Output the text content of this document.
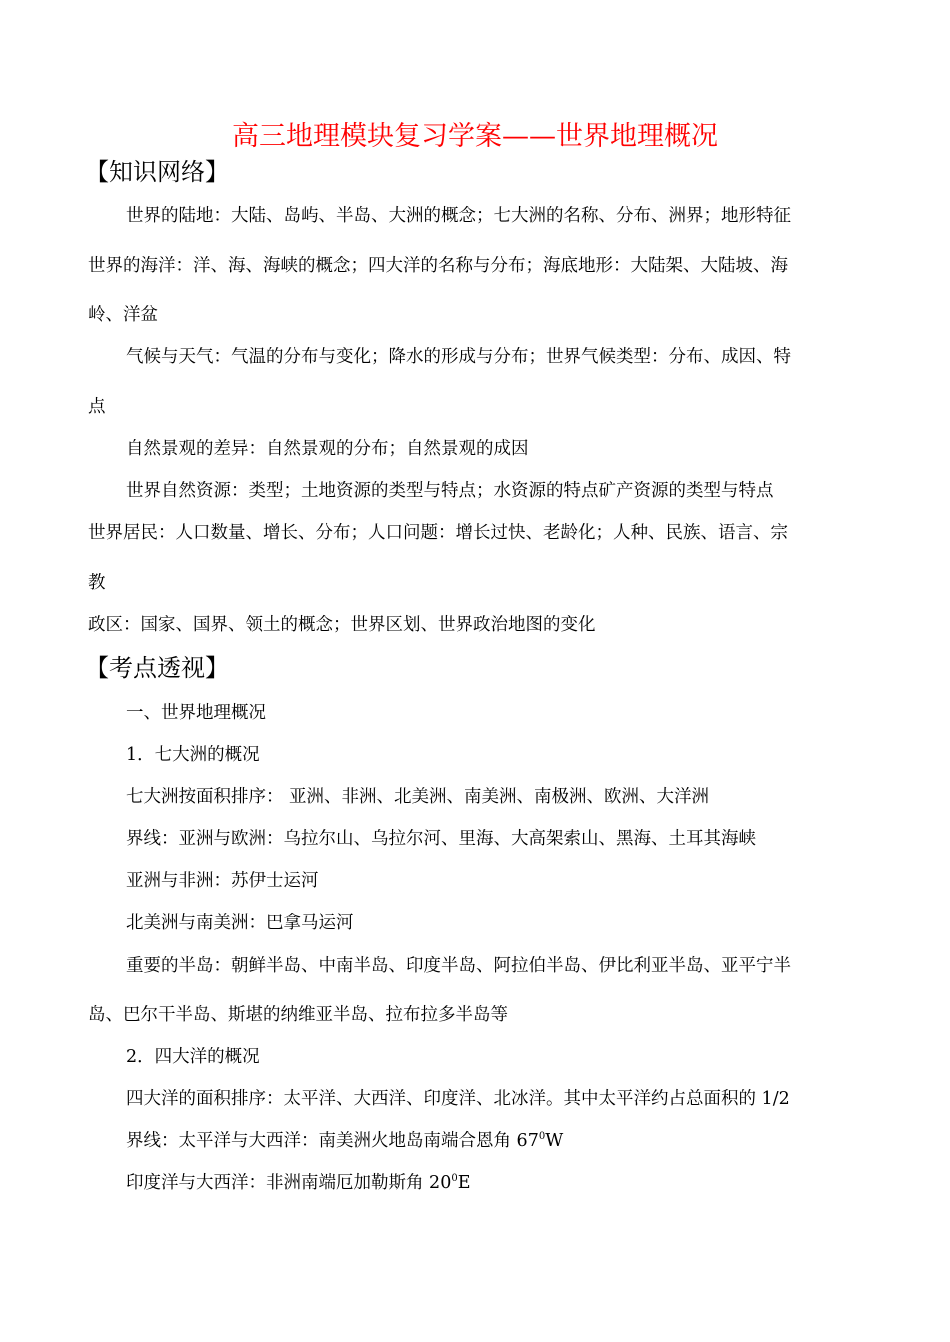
高三地理模块复习学案——世界地理概况
【知识网络】
世界的陆地：大陆、岛屿、半岛、大洲的概念；七大洲的名称、分布、洲界；地形特征
世界的海洋：洋、海、海峡的概念；四大洋的名称与分布；海底地形：大陆架、大陆坡、海
岭、洋盆
气候与天气：气温的分布与变化；降水的形成与分布；世界气候类型：分布、成因、特
点
自然景观的差异：自然景观的分布；自然景观的成因
世界自然资源：类型；土地资源的类型与特点；水资源的特点矿产资源的类型与特点
世界居民：人口数量、增长、分布；人口问题：增长过快、老龄化；人种、民族、语言、宗
教
政区：国家、国界、领土的概念；世界区划、世界政治地图的变化
【考点透视】
一、世界地理概况
1．七大洲的概况
七大洲按面积排序： 亚洲、非洲、北美洲、南美洲、南极洲、欧洲、大洋洲
界线：亚洲与欧洲：乌拉尔山、乌拉尔河、里海、大高架索山、黑海、土耳其海峡
亚洲与非洲：苏伊士运河
北美洲与南美洲：巴拿马运河
重要的半岛：朝鲜半岛、中南半岛、印度半岛、阿拉伯半岛、伊比利亚半岛、亚平宁半
岛、巴尔干半岛、斯堪的纳维亚半岛、拉布拉多半岛等
2．四大洋的概况
四大洋的面积排序：太平洋、大西洋、印度洋、北冰洋。其中太平洋约占总面积的 1/2
界线：太平洋与大西洋：南美洲火地岛南端合恩角 $67^0W$
印度洋与大西洋：非洲南端厄加勒斯角 $20^0E$
